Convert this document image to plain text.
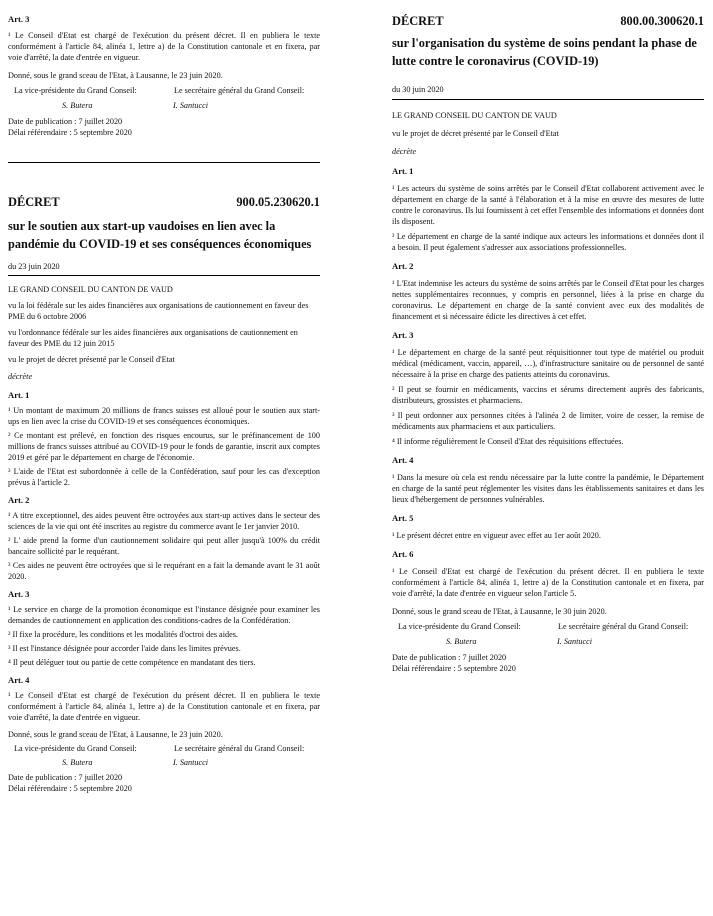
Art. 3

¹ Le Conseil d'Etat est chargé de l'exécution du présent décret. Il en publiera le texte conformément à l'article 84, alinéa 1, lettre a) de la Constitution cantonale et en fixera, par voie d'arrêté, la date d'entrée en vigueur.

Donné, sous le grand sceau de l'Etat, à Lausanne, le 23 juin 2020.

La vice-présidente du Grand Conseil:	Le secrétaire général du Grand Conseil:
S. Butera	I. Santucci

Date de publication : 7 juillet 2020

Délai référendaire : 5 septembre 2020

DÉCRET	900.05.230620.1

sur le soutien aux start-up vaudoises en lien avec la pandémie du COVID-19 et ses conséquences économiques

du 23 juin 2020

LE GRAND CONSEIL DU CANTON DE VAUD

vu la loi fédérale sur les aides financières aux organisations de cautionnement en faveur des PME du 6 octobre 2006

vu l'ordonnance fédérale sur les aides financières aux organisations de cautionnement en faveur des PME du 12 juin 2015

vu le projet de décret présenté par le Conseil d'Etat

décrète

Art. 1

¹ Un montant de maximum 20 millions de francs suisses est alloué pour le soutien aux start-ups en lien avec la crise du COVID-19 et ses conséquences économiques.

² Ce montant est prélevé, en fonction des risques encourus, sur le préfinancement de 100 millions de francs suisses attribué au COVID-19 pour le fonds de garantie, inscrit aux comptes 2019 et géré par le département en charge de l'économie.

³ L'aide de l'Etat est subordonnée à celle de la Confédération, sauf pour les cas d'exception prévus à l'article 2.

Art. 2

¹ A titre exceptionnel, des aides peuvent être octroyées aux start-up actives dans le secteur des sciences de la vie qui ont été inscrites au registre du commerce avant le 1er janvier 2010.

² L' aide prend la forme d'un cautionnement solidaire qui peut aller jusqu'à 100% du crédit bancaire sollicité par le requérant.

³ Ces aides ne peuvent être octroyées que si le requérant en a fait la demande avant le 31 août 2020.

Art. 3

¹ Le service en charge de la promotion économique est l'instance désignée pour examiner les demandes de cautionnement en application des conditions-cadres de la Confédération.

² Il fixe la procédure, les conditions et les modalités d'octroi des aides.

³ Il est l'instance désignée pour accorder l'aide dans les limites prévues.

⁴ Il peut déléguer tout ou partie de cette compétence en mandatant des tiers.

Art. 4

¹ Le Conseil d'Etat est chargé de l'exécution du présent décret. Il en publiera le texte conformément à l'article 84, alinéa 1, lettre a) de la Constitution cantonale et en fixera, par voie d'arrêté, la date d'entrée en vigueur.

Donné, sous le grand sceau de l'Etat, à Lausanne, le 23 juin 2020.

La vice-présidente du Grand Conseil:	Le secrétaire général du Grand Conseil:
S. Butera	I. Santucci

Date de publication : 7 juillet 2020

Délai référendaire : 5 septembre 2020

DÉCRET	800.00.300620.1

sur l'organisation du système de soins pendant la phase de lutte contre le coronavirus (COVID-19)

du 30 juin 2020

LE GRAND CONSEIL DU CANTON DE VAUD

vu le projet de décret présenté par le Conseil d'Etat

décrète

Art. 1

¹ Les acteurs du système de soins arrêtés par le Conseil d'Etat collaborent activement avec le département en charge de la santé à l'élaboration et à la mise en œuvre des mesures de lutte contre le coronavirus. Ils lui fournissent à cet effet l'ensemble des informations et données dont ils disposent.

² Le département en charge de la santé indique aux acteurs les informations et données dont il a besoin. Il peut également s'adresser aux associations professionnelles.

Art. 2

¹ L'Etat indemnise les acteurs du système de soins arrêtés par le Conseil d'Etat pour les charges nettes supplémentaires reconnues, y compris en personnel, liées à la prise en charge du coronavirus. Le département en charge de la santé convient avec eux des modalités de financement et si nécessaire édicte les directives à cet effet.

Art. 3

¹ Le département en charge de la santé peut réquisitionner tout type de matériel ou produit médical (médicament, vaccin, appareil, …), d'infrastructure sanitaire ou de personnel de santé nécessaire à la prise en charge des patients atteints du coronavirus.

² Il peut se fournir en médicaments, vaccins et sérums directement auprès des fabricants, distributeurs, grossistes et pharmaciens.

³ Il peut ordonner aux personnes citées à l'alinéa 2 de limiter, voire de cesser, la remise de médicaments aux pharmaciens et aux particuliers.

⁴ Il informe régulièrement le Conseil d'Etat des réquisitions effectuées.

Art. 4

¹ Dans la mesure où cela est rendu nécessaire par la lutte contre la pandémie, le Département en charge de la santé peut réglementer les visites dans les établissements sanitaires et dans les lieux d'hébergement de personnes vulnérables.

Art. 5

¹ Le présent décret entre en vigueur avec effet au 1er août 2020.

Art. 6

¹ Le Conseil d'Etat est chargé de l'exécution du présent décret. Il en publiera le texte conformément à l'article 84, alinéa 1, lettre a) de la Constitution cantonale et en fixera, par voie d'arrêté, la date d'entrée en vigueur selon l'article 5.

Donné, sous le grand sceau de l'Etat, à Lausanne, le 30 juin 2020.

La vice-présidente du Grand Conseil:	Le secrétaire général du Grand Conseil:
S. Butera	I. Santucci

Date de publication : 7 juillet 2020

Délai référendaire : 5 septembre 2020
